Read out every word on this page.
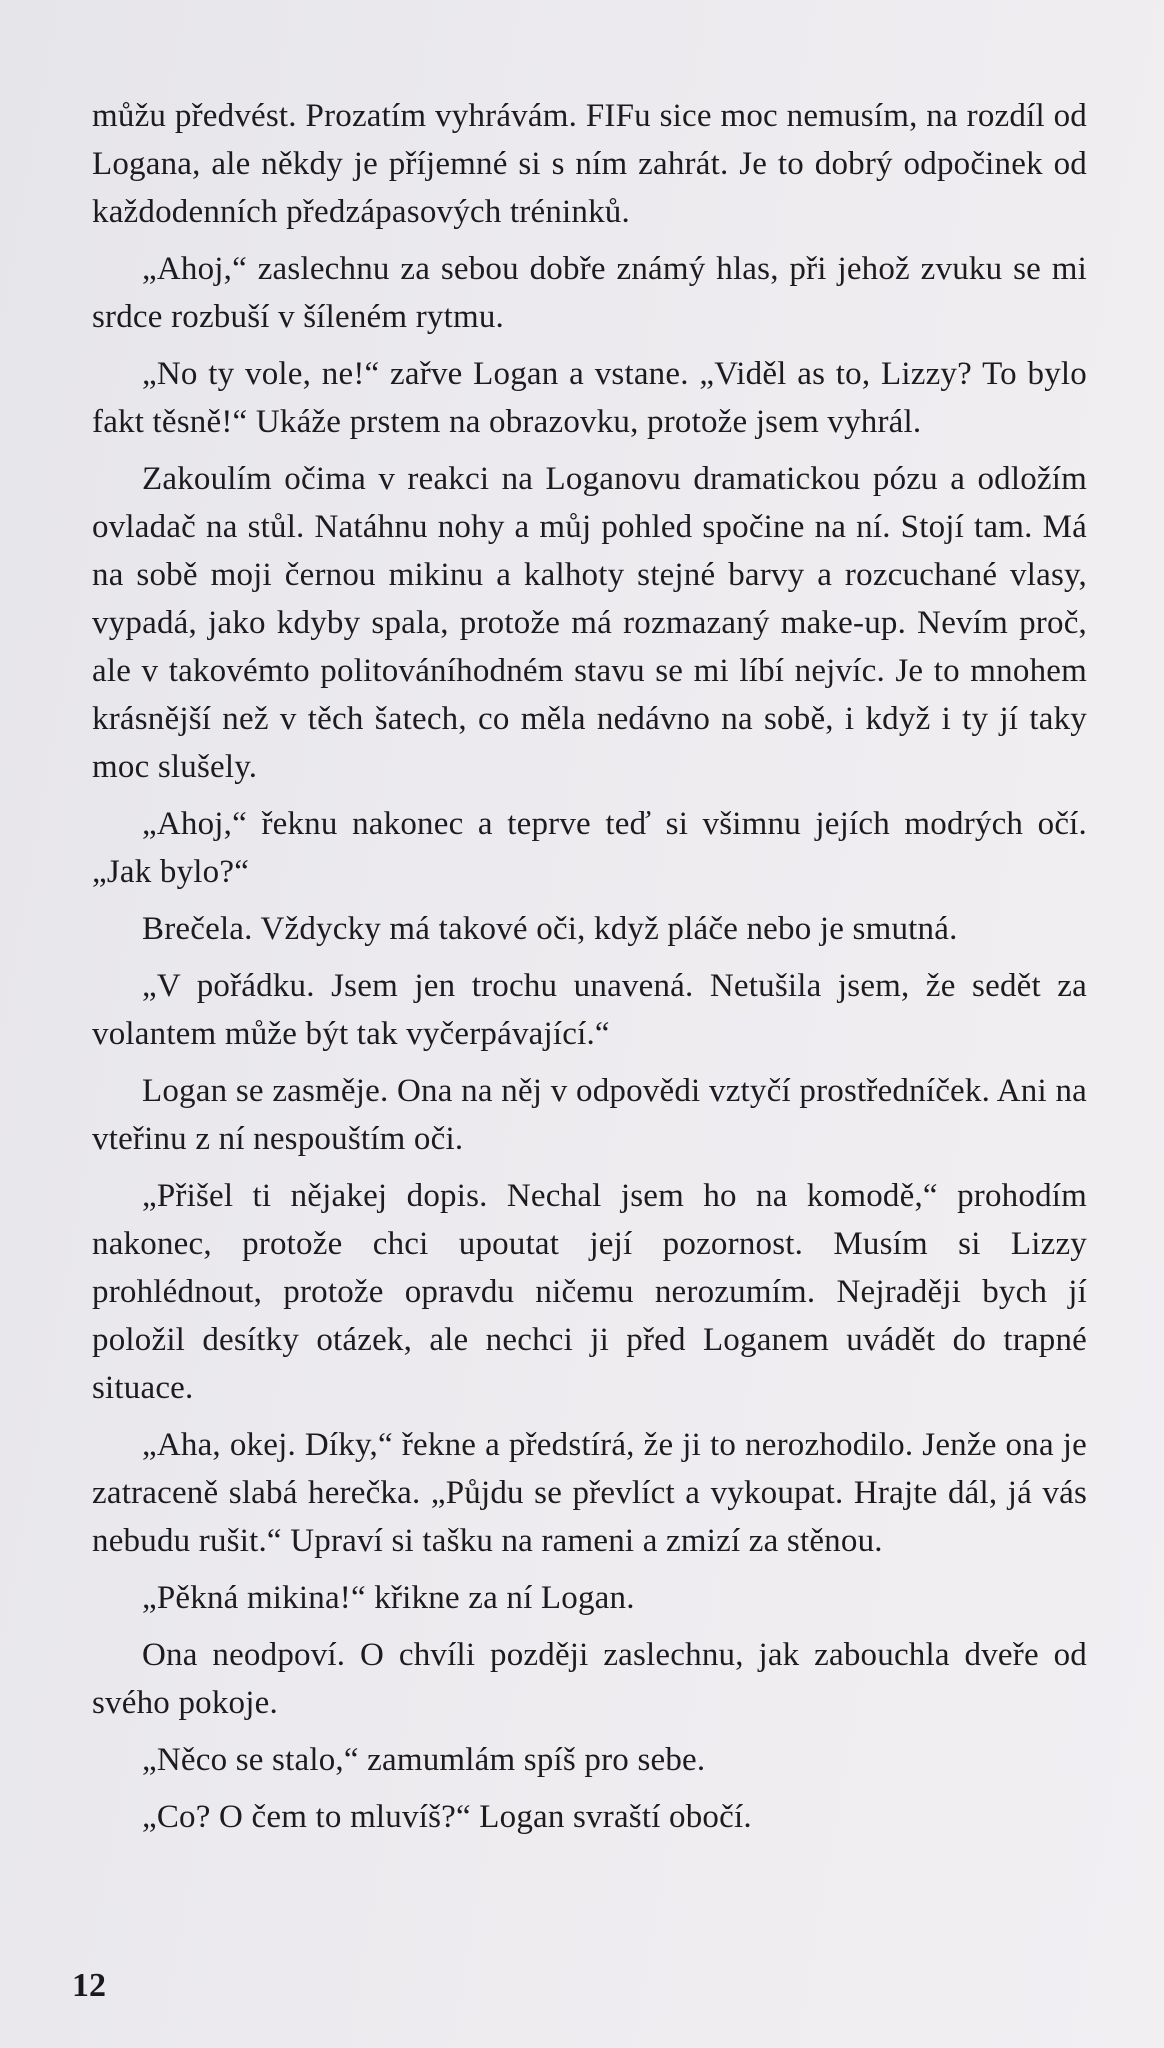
můžu předvést. Prozatím vyhrávám. FIFu sice moc nemusím, na rozdíl od Logana, ale někdy je příjemné si s ním zahrát. Je to dobrý odpočinek od každodenních předzápasových tréninků.

„Ahoj,“ zaslechnu za sebou dobře známý hlas, při jehož zvuku se mi srdce rozbuší v šíleném rytmu.

„No ty vole, ne!“ zařve Logan a vstane. „Viděl as to, Lizzy? To bylo fakt těsně!“ Ukáže prstem na obrazovku, protože jsem vyhrál.

Zakoulím očima v reakci na Loganovu dramatickou pózu a odložím ovladač na stůl. Natáhnu nohy a můj pohled spočine na ní. Stojí tam. Má na sobě moji černou mikinu a kalhoty stejné barvy a rozcuchané vlasy, vypadá, jako kdyby spala, protože má rozmazaný make-up. Nevím proč, ale v takovémto politováníhodném stavu se mi líbí nejvíc. Je to mnohem krásnější než v těch šatech, co měla nedávno na sobě, i když i ty jí taky moc slušely.

„Ahoj,“ řeknu nakonec a teprve teď si všimnu jejích modrých očí. „Jak bylo?“

Brečela. Vždycky má takové oči, když pláče nebo je smutná.

„V pořádku. Jsem jen trochu unavená. Netušila jsem, že sedět za volantem může být tak vyčerpávající.“

Logan se zasměje. Ona na něj v odpovědi vztyčí prostředníček. Ani na vteřinu z ní nespouštím oči.

„Přišel ti nějakej dopis. Nechal jsem ho na komodě,“ prohodím nakonec, protože chci upoutat její pozornost. Musím si Lizzy prohlédnout, protože opravdu ničemu nerozumím. Nejraději bych jí položil desítky otázek, ale nechci ji před Loganem uvádět do trapné situace.

„Aha, okej. Díky,“ řekne a předstírá, že ji to nerozhodilo. Jenže ona je zatraceně slabá herečka. „Půjdu se převlíct a vykoupat. Hrajte dál, já vás nebudu rušit.“ Upraví si tašku na rameni a zmizí za stěnou.

„Pěkná mikina!“ křikne za ní Logan.

Ona neodpoví. O chvíli později zaslechnu, jak zabouchla dveře od svého pokoje.

„Něco se stalo,“ zamumlám spíš pro sebe.

„Co? O čem to mluvíš?“ Logan svraští obočí.

12
